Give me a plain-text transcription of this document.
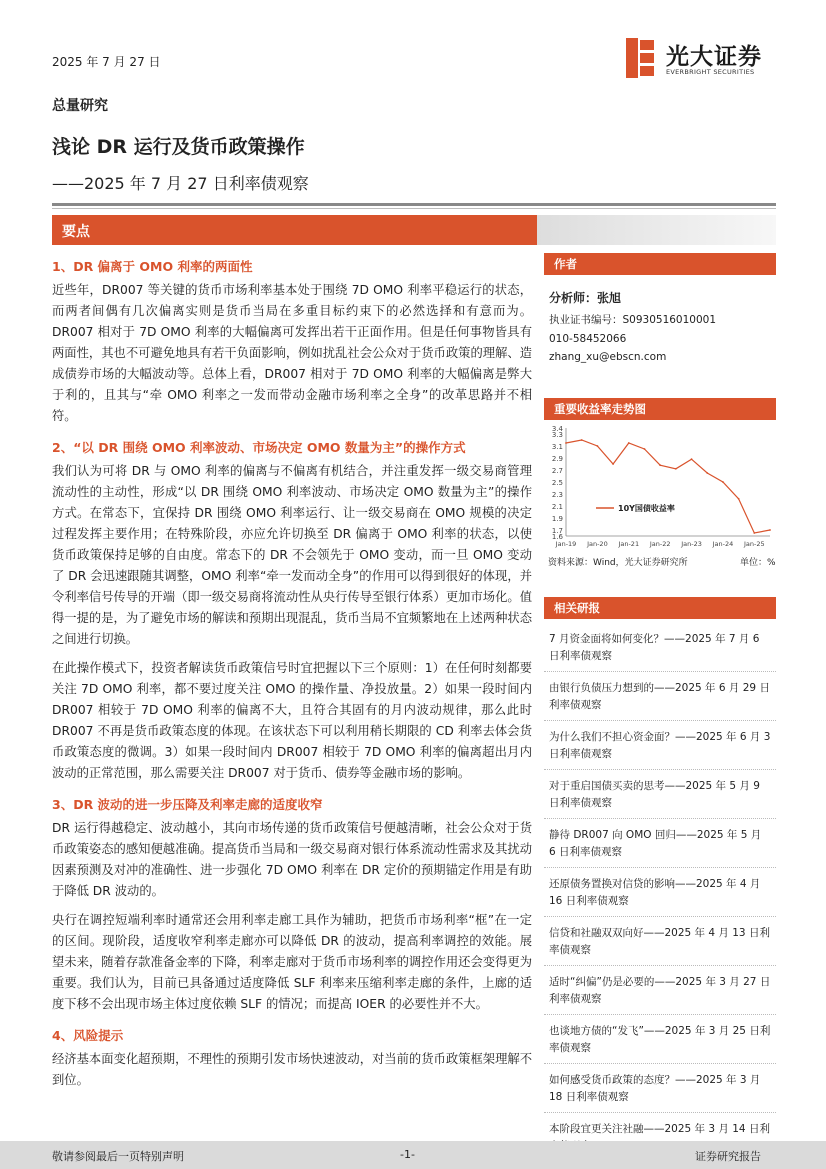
2025 年 7 月 27 日	光大证券
EVERBRIGHT SECURITIES
总量研究
浅论 DR 运行及货币政策操作
——2025 年 7 月 27 日利率债观察
要点
1、DR 偏离于 OMO 利率的两面性

近些年，DR007 等关键的货币市场利率基本处于围绕 7D OMO 利率平稳运行的状态，而两者间偶有几次偏离实则是货币当局在多重目标约束下的必然选择和有意而为。DR007 相对于 7D OMO 利率的大幅偏离可发挥出若干正面作用。但是任何事物皆具有两面性，其也不可避免地具有若干负面影响，例如扰乱社会公众对于货币政策的理解、造成债券市场的大幅波动等。总体上看，DR007 相对于 7D OMO 利率的大幅偏离是弊大于利的，且其与“牵 OMO 利率之一发而带动金融市场利率之全身”的改革思路并不相符。

2、“以 DR 围绕 OMO 利率波动、市场决定 OMO 数量为主”的操作方式

我们认为可将 DR 与 OMO 利率的偏离与不偏离有机结合，并注重发挥一级交易商管理流动性的主动性，形成“以 DR 围绕 OMO 利率波动、市场决定 OMO 数量为主”的操作方式。在常态下，宜保持 DR 围绕 OMO 利率运行、让一级交易商在 OMO 规模的决定过程发挥主要作用；在特殊阶段，亦应允许切换至 DR 偏离于 OMO 利率的状态，以使货币政策保持足够的自由度。常态下的 DR 不会领先于 OMO 变动，而一旦 OMO 变动了 DR 会迅速跟随其调整，OMO 利率“牵一发而动全身”的作用可以得到很好的体现，并令利率信号传导的开端（即一级交易商将流动性从央行传导至银行体系）更加市场化。值得一提的是，为了避免市场的解读和预期出现混乱，货币当局不宜频繁地在上述两种状态之间进行切换。

在此操作模式下，投资者解读货币政策信号时宜把握以下三个原则：1）在任何时刻都要关注 7D OMO 利率，都不要过度关注 OMO 的操作量、净投放量。2）如果一段时间内 DR007 相较于 7D OMO 利率的偏离不大，且符合其固有的月内波动规律，那么此时 DR007 不再是货币政策态度的体现。在该状态下可以利用稍长期限的 CD 利率去体会货币政策态度的微调。3）如果一段时间内 DR007 相较于 7D OMO 利率的偏离超出月内波动的正常范围，那么需要关注 DR007 对于货币、债券等金融市场的影响。

3、DR 波动的进一步压降及利率走廊的适度收窄

DR 运行得越稳定、波动越小，其向市场传递的货币政策信号便越清晰，社会公众对于货币政策姿态的感知便越准确。提高货币当局和一级交易商对银行体系流动性需求及其扰动因素预测及对冲的准确性、进一步强化 7D OMO 利率在 DR 定价的预期锚定作用是有助于降低 DR 波动的。

央行在调控短端利率时通常还会用利率走廊工具作为辅助，把货币市场利率“框”在一定的区间。现阶段，适度收窄利率走廊亦可以降低 DR 的波动，提高利率调控的效能。展望未来，随着存款准备金率的下降，利率走廊对于货币市场利率的调控作用还会变得更为重要。我们认为，目前已具备通过适度降低 SLF 利率来压缩利率走廊的条件，上廊的适度下移不会出现市场主体过度依赖 SLF 的情况；而提高 IOER 的必要性并不大。

4、风险提示

经济基本面变化超预期，不理性的预期引发市场快速波动，对当前的货币政策框架理解不到位。

作者
分析师：张旭
执业证书编号：S0930516010001
010-58452066
zhang_xu@ebscn.com
重要收益率走势图
1.6
1.7
1.9
2.1
2.3
2.5
2.7
2.9
3.1
3.3
3.4
Jan-19 Jan-20 Jan-21 Jan-22 Jan-23 Jan-24 Jan-25
10Y国债收益率
资料来源：Wind，光大证券研究所	单位：%
相关研报
7 月资金面将如何变化？——2025 年 7 月 6 日利率债观察
由银行负债压力想到的——2025 年 6 月 29 日利率债观察
为什么我们不担心资金面？——2025 年 6 月 3 日利率债观察
对于重启国债买卖的思考——2025 年 5 月 9 日利率债观察
静待 DR007 向 OMO 回归——2025 年 5 月 6 日利率债观察
还原债务置换对信贷的影响——2025 年 4 月 16 日利率债观察
信贷和社融双双向好——2025 年 4 月 13 日利率债观察
适时“纠偏”仍是必要的——2025 年 3 月 27 日利率债观察
也谈地方债的“发飞”——2025 年 3 月 25 日利率债观察
如何感受货币政策的态度？——2025 年 3 月 18 日利率债观察
本阶段宜更关注社融——2025 年 3 月 14 日利
敬请参阅最后一页特别声明	-1-	证券研究报告
